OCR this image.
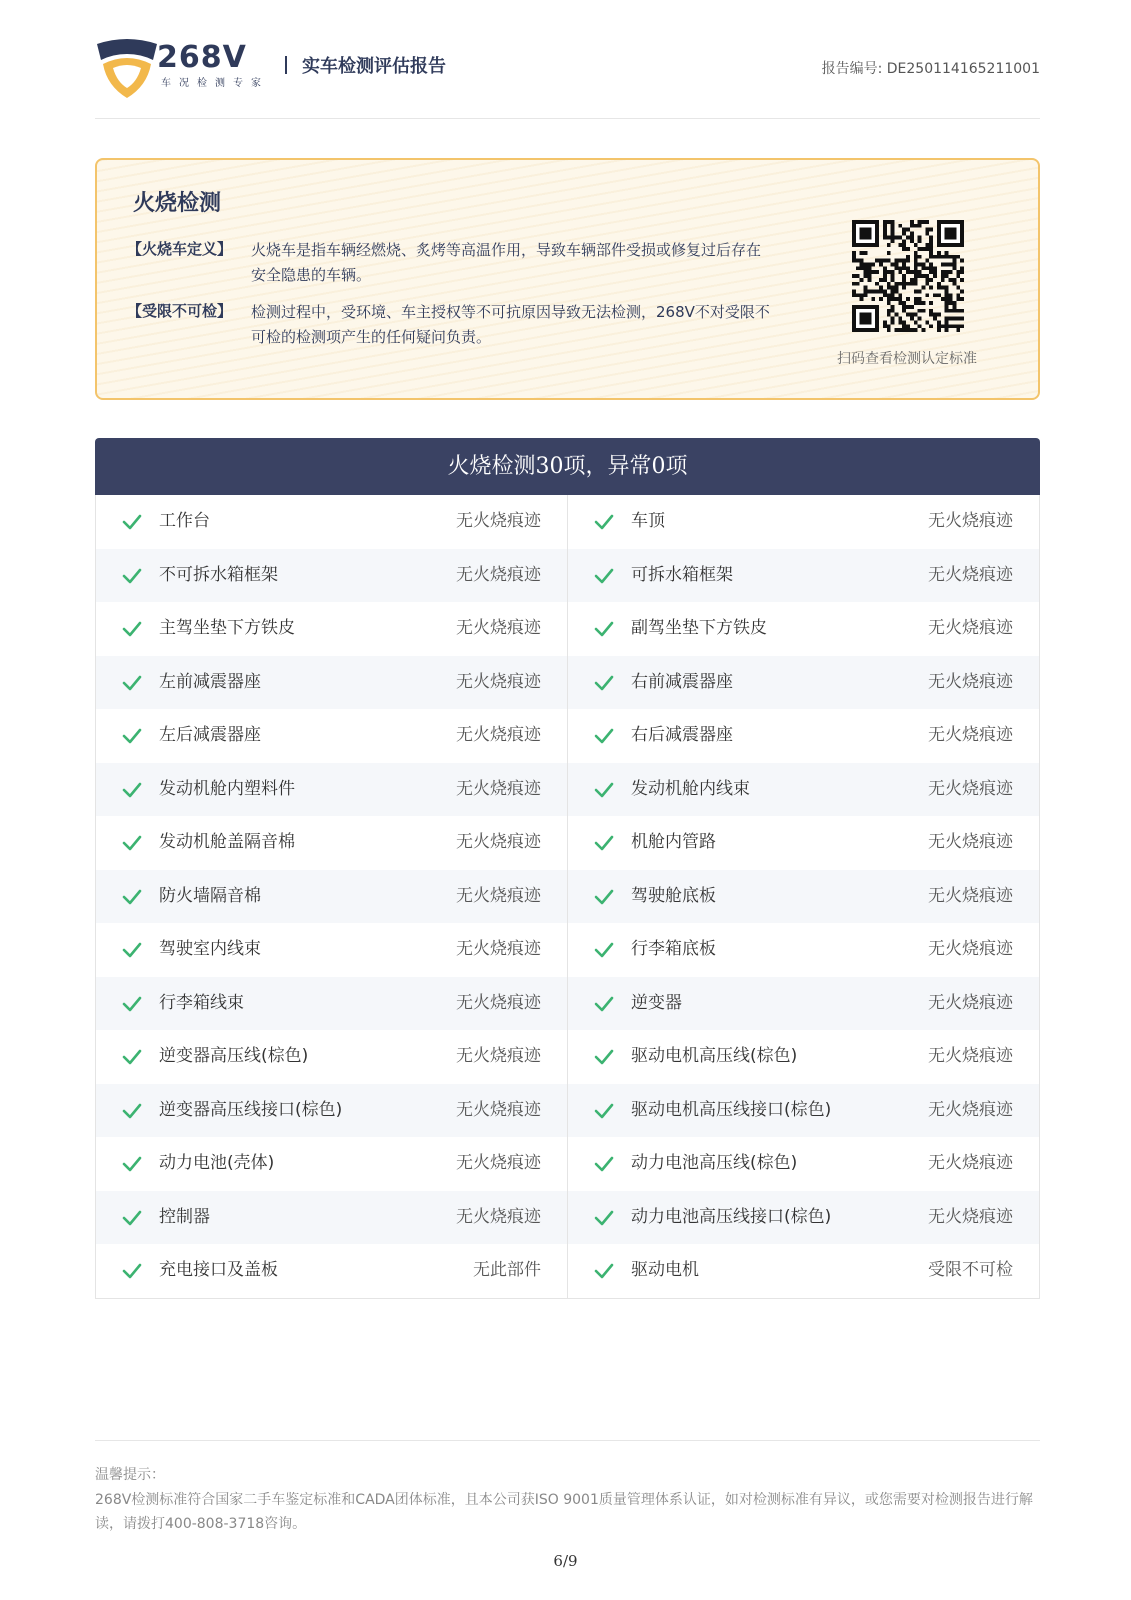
268V
车况检测专家
实车检测评估报告	报告编号: DE250114165211001
火烧检测
【火烧车定义】 火烧车是指车辆经燃烧、炙烤等高温作用，导致车辆部件受损或修复过后存在安全隐患的车辆。
【受限不可检】 检测过程中，受环境、车主授权等不可抗原因导致无法检测，268V不对受限不可检的检测项产生的任何疑问负责。
扫码查看检测认定标准
火烧检测30项，异常0项
工作台	无火烧痕迹	车顶	无火烧痕迹
不可拆水箱框架	无火烧痕迹	可拆水箱框架	无火烧痕迹
主驾坐垫下方铁皮	无火烧痕迹	副驾坐垫下方铁皮	无火烧痕迹
左前减震器座	无火烧痕迹	右前减震器座	无火烧痕迹
左后减震器座	无火烧痕迹	右后减震器座	无火烧痕迹
发动机舱内塑料件	无火烧痕迹	发动机舱内线束	无火烧痕迹
发动机舱盖隔音棉	无火烧痕迹	机舱内管路	无火烧痕迹
防火墙隔音棉	无火烧痕迹	驾驶舱底板	无火烧痕迹
驾驶室内线束	无火烧痕迹	行李箱底板	无火烧痕迹
行李箱线束	无火烧痕迹	逆变器	无火烧痕迹
逆变器高压线(棕色)	无火烧痕迹	驱动电机高压线(棕色)	无火烧痕迹
逆变器高压线接口(棕色)	无火烧痕迹	驱动电机高压线接口(棕色)	无火烧痕迹
动力电池(壳体)	无火烧痕迹	动力电池高压线(棕色)	无火烧痕迹
控制器	无火烧痕迹	动力电池高压线接口(棕色)	无火烧痕迹
充电接口及盖板	无此部件	驱动电机	受限不可检
温馨提示：
268V检测标准符合国家二手车鉴定标准和CADA团体标准，且本公司获ISO 9001质量管理体系认证，如对检测标准有异议，或您需要对检测报告进行解读，请拨打400-808-3718咨询。
6/9
